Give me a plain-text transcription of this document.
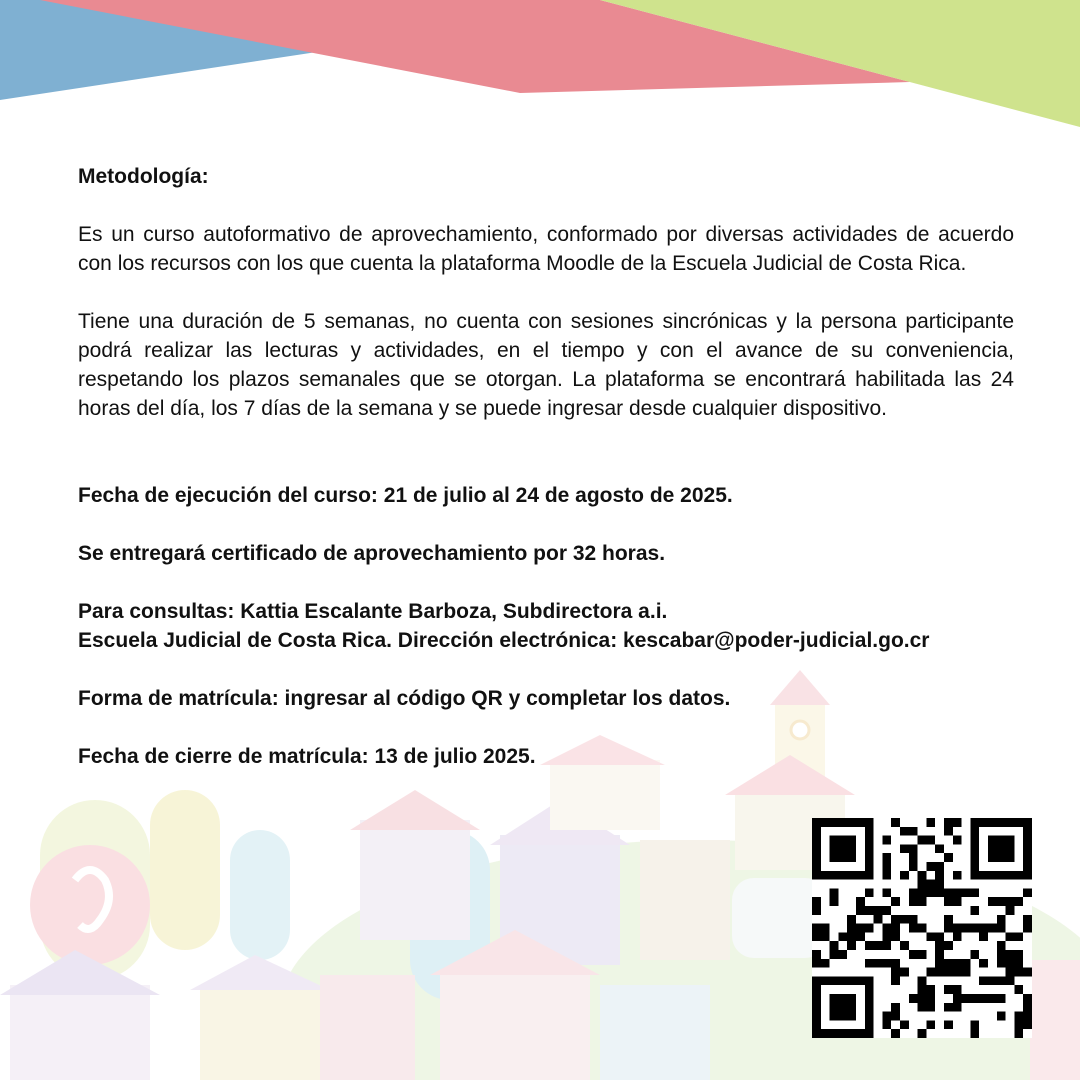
Metodología:

Es un curso autoformativo de aprovechamiento, conformado por diversas actividades de acuerdo con los recursos con los que cuenta la plataforma Moodle de la Escuela Judicial de Costa Rica.

Tiene una duración de 5 semanas, no cuenta con sesiones sincrónicas y la persona participante podrá realizar las lecturas y actividades, en el tiempo y con el avance de su conveniencia, respetando los plazos semanales que se otorgan. La plataforma se encontrará habilitada las 24 horas del día, los 7 días de la semana y se puede ingresar desde cualquier dispositivo.

Fecha de ejecución del curso: 21 de julio al 24 de agosto de 2025.

Se entregará certificado de aprovechamiento por 32 horas.

Para consultas: Kattia Escalante Barboza, Subdirectora a.i.

Escuela Judicial de Costa Rica. Dirección electrónica: kescabar@poder-judicial.go.cr

Forma de matrícula: ingresar al código QR y completar los datos.

Fecha de cierre de matrícula: 13 de julio 2025.
